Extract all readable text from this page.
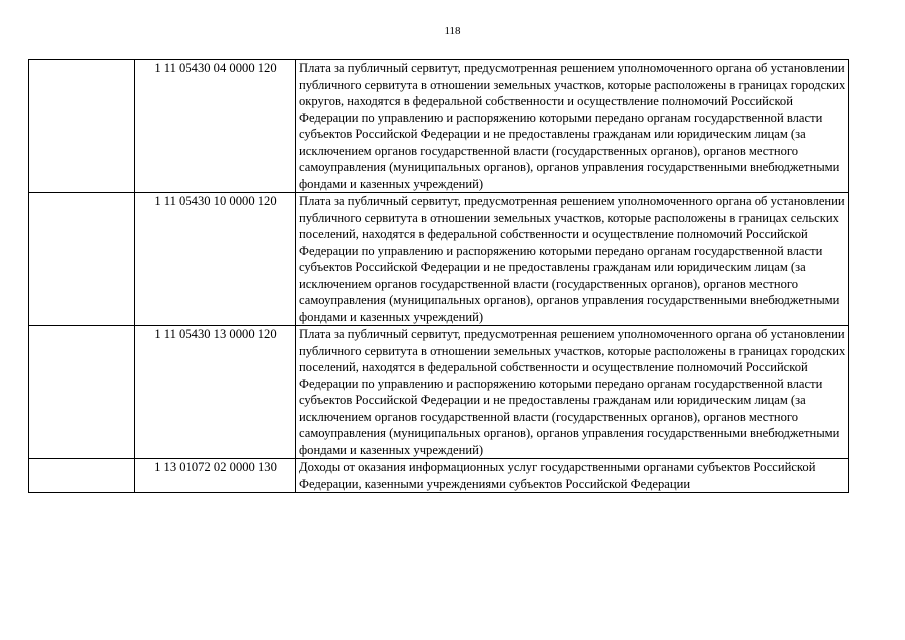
118
	1 11 05430 04 0000 120	Плата за публичный сервитут, предусмотренная решением уполномоченного органа об установлении публичного сервитута в отношении земельных участков, которые расположены в границах городских округов, находятся в федеральной собственности и осуществление полномочий Российской Федерации по управлению и распоряжению которыми передано органам государственной власти субъектов Российской Федерации и не предоставлены гражданам или юридическим лицам (за исключением органов государственной власти (государственных органов), органов местного самоуправления (муниципальных органов), органов управления государственными внебюджетными фондами и казенных учреждений)
	1 11 05430 10 0000 120	Плата за публичный сервитут, предусмотренная решением уполномоченного органа об установлении публичного сервитута в отношении земельных участков, которые расположены в границах сельских поселений, находятся в федеральной собственности и осуществление полномочий Российской Федерации по управлению и распоряжению которыми передано органам государственной власти субъектов Российской Федерации и не предоставлены гражданам или юридическим лицам (за исключением органов государственной власти (государственных органов), органов местного самоуправления (муниципальных органов), органов управления государственными внебюджетными фондами и казенных учреждений)
	1 11 05430 13 0000 120	Плата за публичный сервитут, предусмотренная решением уполномоченного органа об установлении публичного сервитута в отношении земельных участков, которые расположены в границах городских поселений, находятся в федеральной собственности и осуществление полномочий Российской Федерации по управлению и распоряжению которыми передано органам государственной власти субъектов Российской Федерации и не предоставлены гражданам или юридическим лицам (за исключением органов государственной власти (государственных органов), органов местного самоуправления (муниципальных органов), органов управления государственными внебюджетными фондами и казенных учреждений)
	1 13 01072 02 0000 130	Доходы от оказания информационных услуг государственными органами субъектов Российской Федерации, казенными учреждениями субъектов Российской Федерации
